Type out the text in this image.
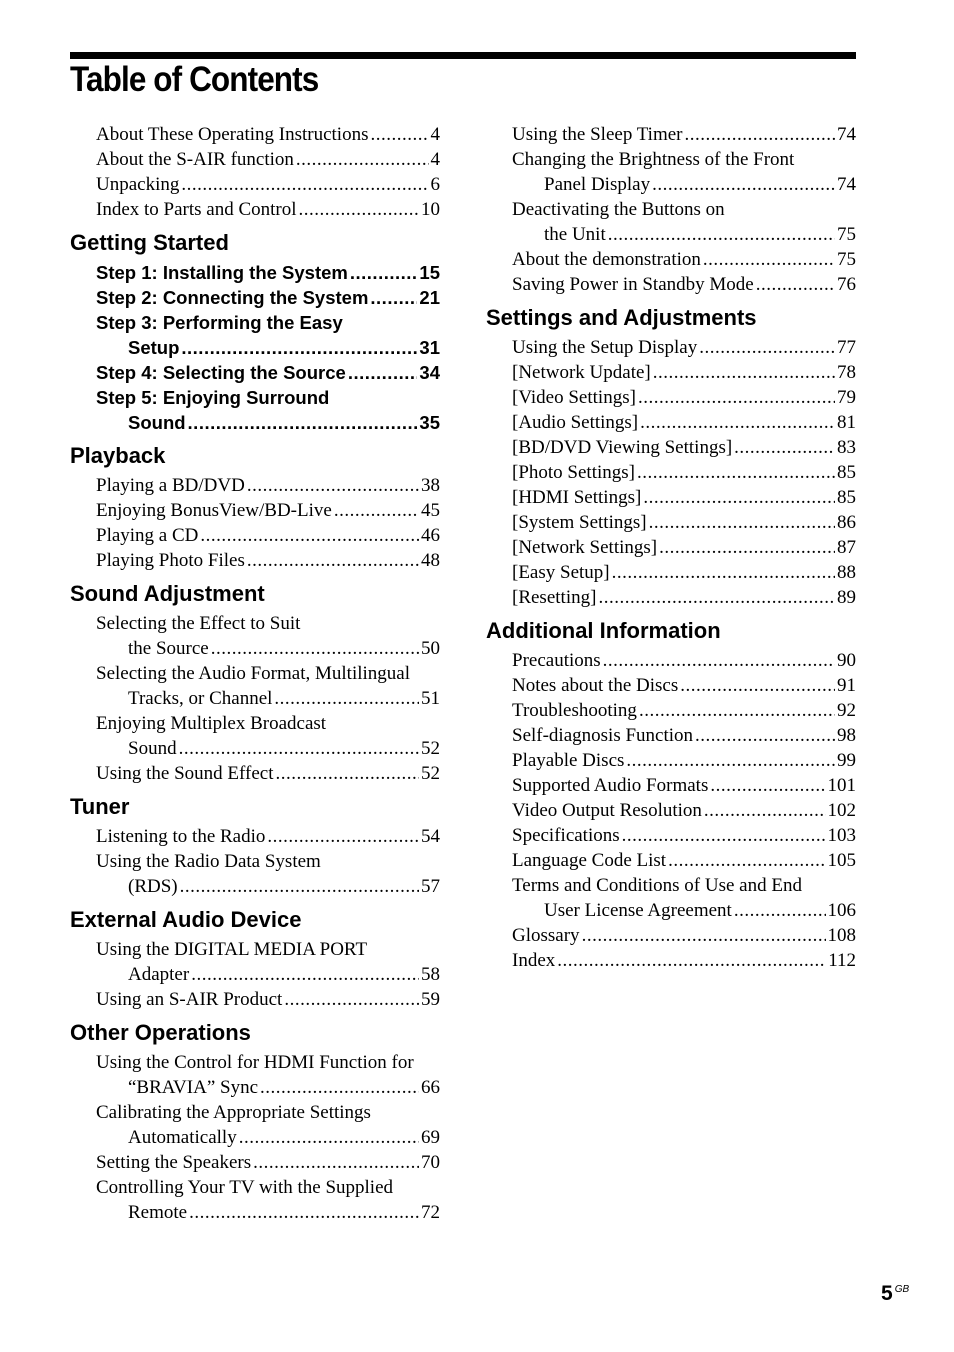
Table of Contents
About These Operating Instructions .....	4
About the S-AIR function .....	4
Unpacking .....	6
Index to Parts and Control .....	10
Getting Started
Step 1: Installing the System .....	15
Step 2: Connecting the System .....	21
Step 3: Performing the Easy
Setup .....	31
Step 4: Selecting the Source .....	34
Step 5: Enjoying Surround
Sound .....	35
Playback
Playing a BD/DVD .....	38
Enjoying BonusView/BD-Live .....	45
Playing a CD .....	46
Playing Photo Files .....	48
Sound Adjustment
Selecting the Effect to Suit
the Source .....	50
Selecting the Audio Format, Multilingual
Tracks, or Channel .....	51
Enjoying Multiplex Broadcast
Sound .....	52
Using the Sound Effect .....	52
Tuner
Listening to the Radio .....	54
Using the Radio Data System
(RDS) .....	57
External Audio Device
Using the DIGITAL MEDIA PORT
Adapter .....	58
Using an S-AIR Product .....	59
Other Operations
Using the Control for HDMI Function for
“BRAVIA” Sync .....	66
Calibrating the Appropriate Settings
Automatically .....	69
Setting the Speakers .....	70
Controlling Your TV with the Supplied
Remote .....	72
Using the Sleep Timer .....	74
Changing the Brightness of the Front
Panel Display .....	74
Deactivating the Buttons on
the Unit .....	75
About the demonstration .....	75
Saving Power in Standby Mode .....	76
Settings and Adjustments
Using the Setup Display .....	77
[Network Update] .....	78
[Video Settings] .....	79
[Audio Settings] .....	81
[BD/DVD Viewing Settings] .....	83
[Photo Settings] .....	85
[HDMI Settings] .....	85
[System Settings] .....	86
[Network Settings] .....	87
[Easy Setup] .....	88
[Resetting] .....	89
Additional Information
Precautions .....	90
Notes about the Discs .....	91
Troubleshooting .....	92
Self-diagnosis Function .....	98
Playable Discs .....	99
Supported Audio Formats .....	101
Video Output Resolution .....	102
Specifications .....	103
Language Code List .....	105
Terms and Conditions of Use and End
User License Agreement .....	106
Glossary .....	108
Index .....	112
5 $^{GB}$
